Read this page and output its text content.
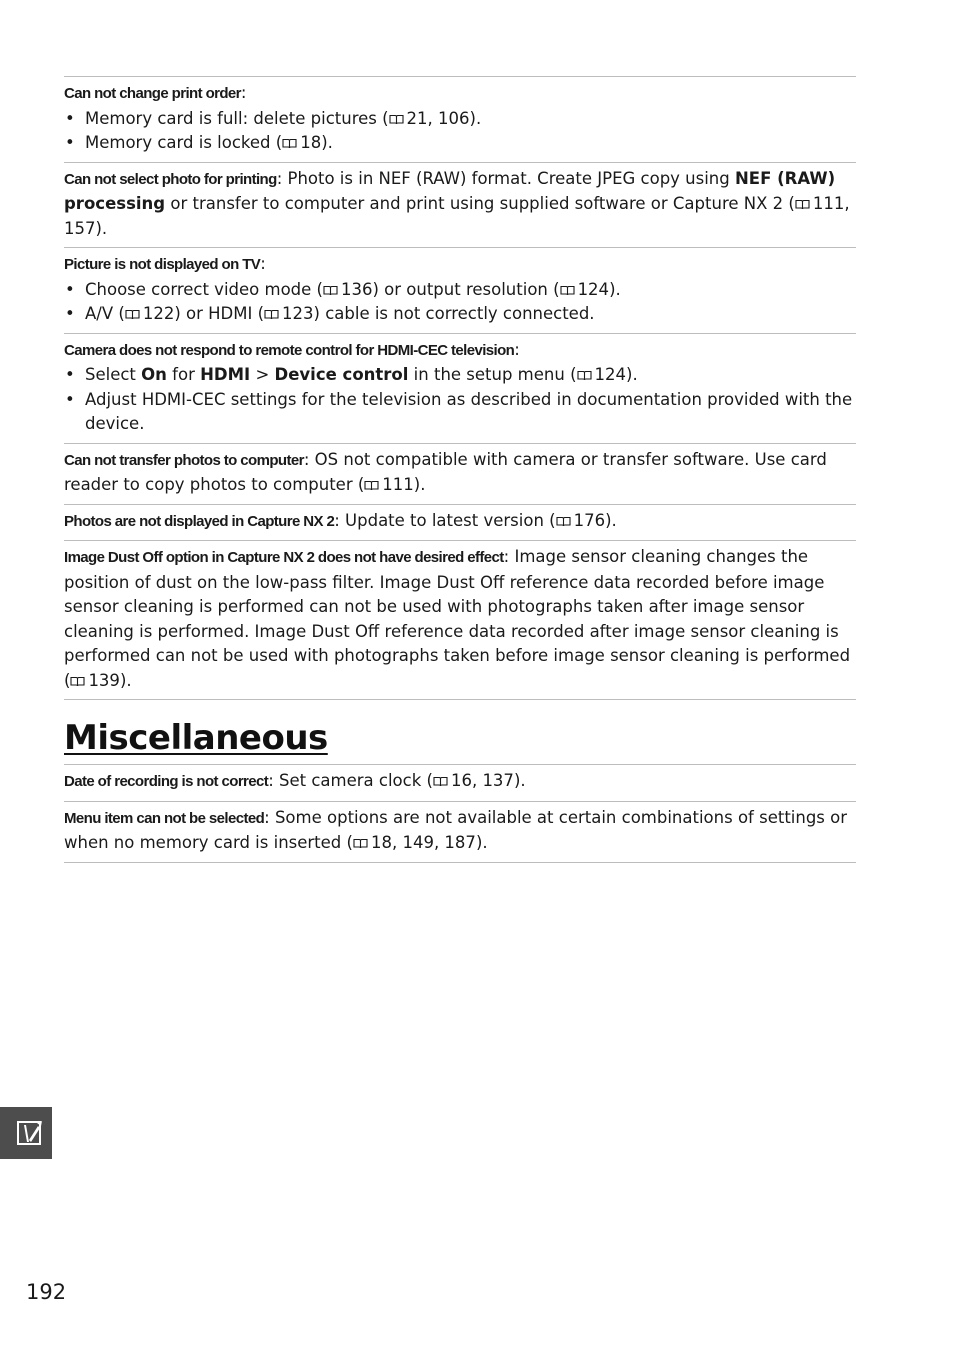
Can not change print order:
• Memory card is full: delete pictures ( 21, 106).
• Memory card is locked ( 18).
Can not select photo for printing: Photo is in NEF (RAW) format. Create JPEG copy using NEF (RAW) processing or transfer to computer and print using supplied software or Capture NX 2 ( 111, 157).
Picture is not displayed on TV:
• Choose correct video mode ( 136) or output resolution ( 124).
• A/V ( 122) or HDMI ( 123) cable is not correctly connected.
Camera does not respond to remote control for HDMI-CEC television:
• Select On for HDMI > Device control in the setup menu ( 124).
• Adjust HDMI-CEC settings for the television as described in documentation provided with the device.
Can not transfer photos to computer: OS not compatible with camera or transfer software. Use card reader to copy photos to computer ( 111).
Photos are not displayed in Capture NX 2: Update to latest version ( 176).
Image Dust Off option in Capture NX 2 does not have desired effect: Image sensor cleaning changes the position of dust on the low-pass filter. Image Dust Off reference data recorded before image sensor cleaning is performed can not be used with photographs taken after image sensor cleaning is performed. Image Dust Off reference data recorded after image sensor cleaning is performed can not be used with photographs taken before image sensor cleaning is performed ( 139).
Miscellaneous
Date of recording is not correct: Set camera clock ( 16, 137).
Menu item can not be selected: Some options are not available at certain combinations of settings or when no memory card is inserted ( 18, 149, 187).
192
